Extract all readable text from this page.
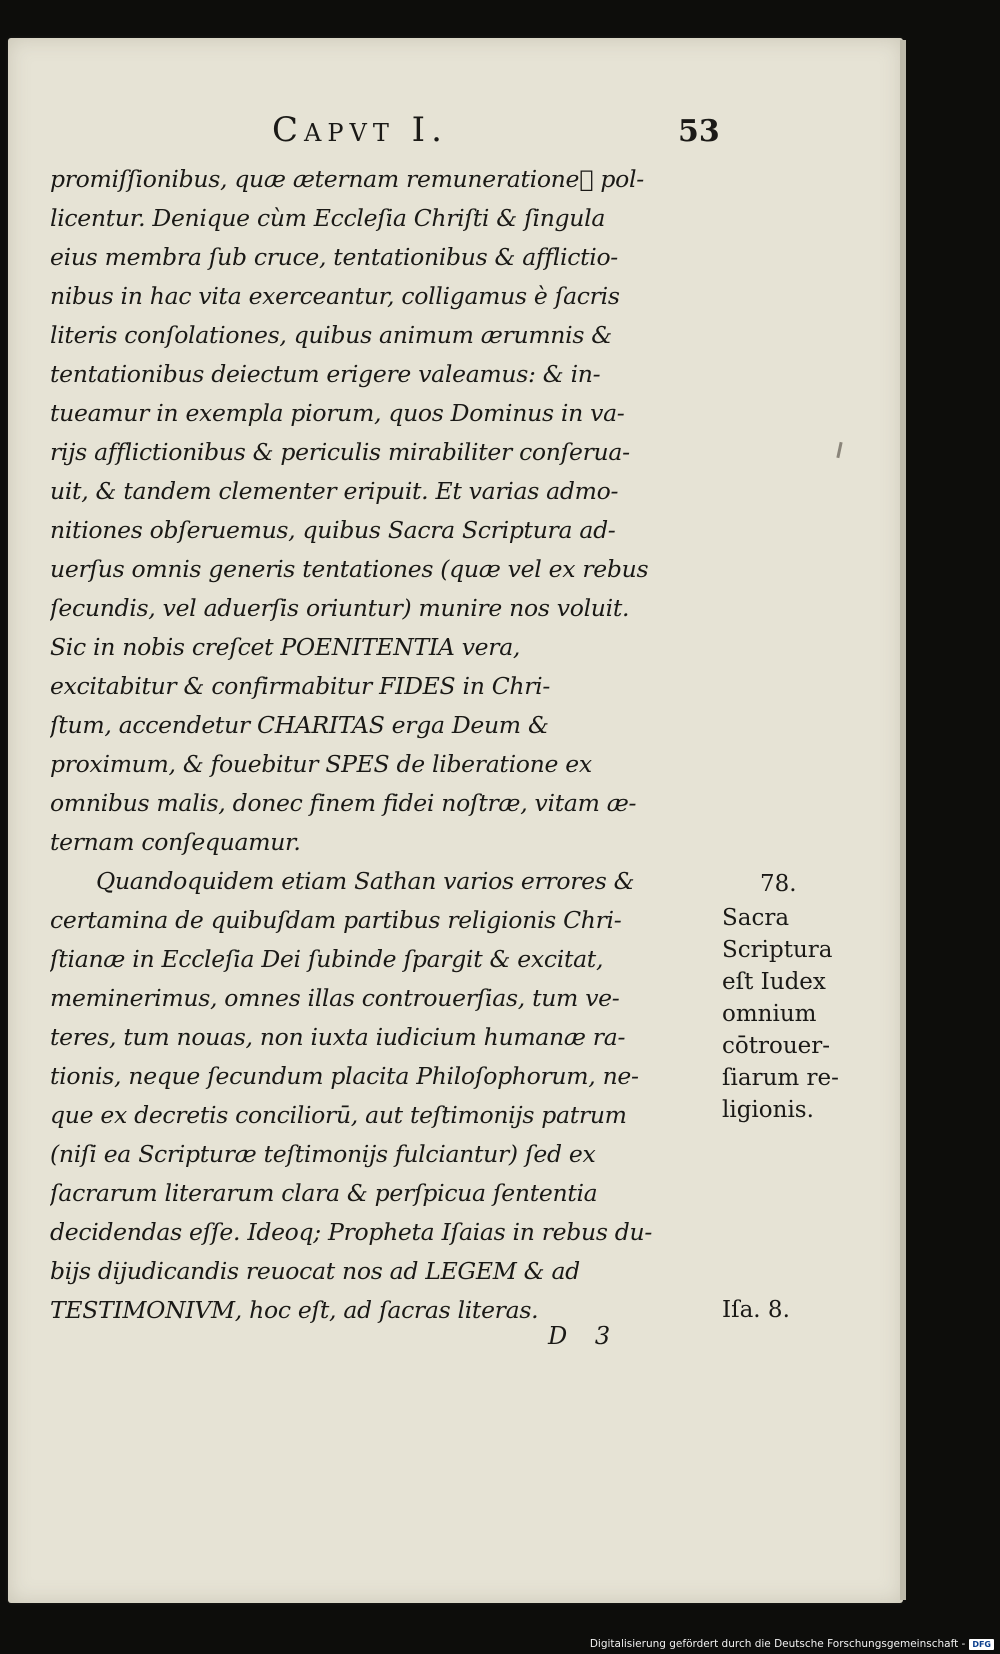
Capvt I.	53
promiſſionibus, quæ æternam remuneratione᷑ pol-
licentur. Denique cùm Eccleſia Chriſti & ſingula
eius membra ſub cruce, tentationibus & afflictio-
nibus in hac vita exerceantur, colligamus è ſacris
literis conſolationes, quibus animum ærumnis &
tentationibus deiectum erigere valeamus: & in-
tueamur in exempla piorum, quos Dominus in va-
rijs afflictionibus & periculis mirabiliter conſerua-
uit, & tandem clementer eripuit. Et varias admo-
nitiones obſeruemus, quibus Sacra Scriptura ad-
uerſus omnis generis tentationes (quæ vel ex rebus
ſecundis, vel aduerſis oriuntur) munire nos voluit.
Sic in nobis creſcet POENITENTIA vera,
excitabitur & confirmabitur FIDES in Chri-
ſtum, accendetur CHARITAS erga Deum &
proximum, & fouebitur SPES de liberatione ex
omnibus malis, donec finem fidei noſtræ, vitam æ-
ternam conſequamur.
Quandoquidem etiam Sathan varios errores &
certamina de quibuſdam partibus religionis Chri-
ſtianæ in Eccleſia Dei ſubinde ſpargit & excitat,
meminerimus, omnes illas controuerſias, tum ve-
teres, tum nouas, non iuxta iudicium humanæ ra-
tionis, neque ſecundum placita Philoſophorum, ne-
que ex decretis conciliorū, aut teſtimonijs patrum
(niſi ea Scripturæ teſtimonijs fulciantur) ſed ex
ſacrarum literarum clara & perſpicua ſententia
decidendas eſſe. Ideoq; Propheta Iſaias in rebus du-
bijs dijudicandis reuocat nos ad LEGEM & ad
TESTIMONIVM, hoc eſt, ad ſacras literas.
78.
Sacra
Scriptura
eſt Iudex
omnium
cōtrouer-
ſiarum re-
ligionis.
Iſa. 8.
D 3
Digitalisierung gefördert durch die Deutsche Forschungsgemeinschaft - DFG
